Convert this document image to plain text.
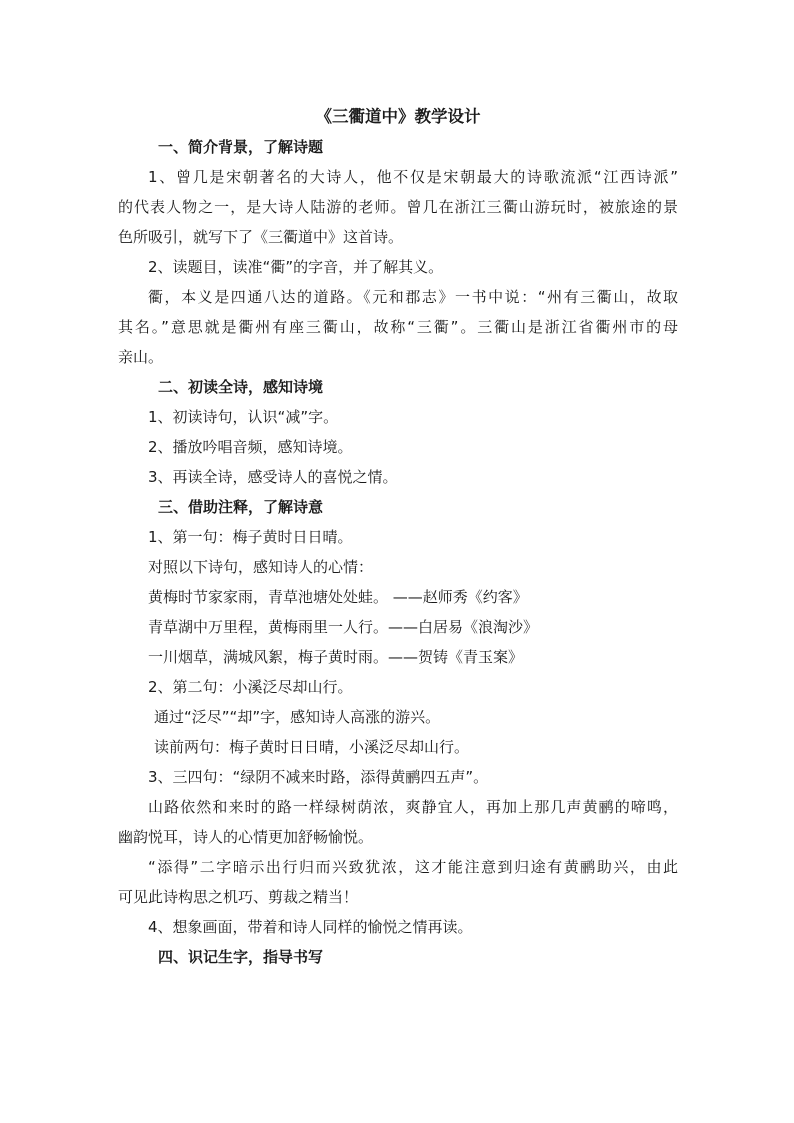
《三衢道中》教学设计

一、简介背景，了解诗题

1、曾几是宋朝著名的大诗人，他不仅是宋朝最大的诗歌流派“江西诗派”

的代表人物之一，是大诗人陆游的老师。曾几在浙江三衢山游玩时，被旅途的景

色所吸引，就写下了《三衢道中》这首诗。

2、读题目，读准“衢”的字音，并了解其义。

衢，本义是四通八达的道路。《元和郡志》一书中说：“州有三衢山，故取

其名。”意思就是衢州有座三衢山，故称“三衢”。三衢山是浙江省衢州市的母

亲山。

二、初读全诗，感知诗境

1、初读诗句，认识“减”字。

2、播放吟唱音频，感知诗境。

3、再读全诗，感受诗人的喜悦之情。

三、借助注释，了解诗意

1、第一句：梅子黄时日日晴。

对照以下诗句，感知诗人的心情：

黄梅时节家家雨，青草池塘处处蛙。 ——赵师秀《约客》

青草湖中万里程，黄梅雨里一人行。——白居易《浪淘沙》

一川烟草，满城风絮，梅子黄时雨。——贺铸《青玉案》

2、第二句：小溪泛尽却山行。

通过“泛尽”“却”字，感知诗人高涨的游兴。

读前两句：梅子黄时日日晴，小溪泛尽却山行。

3、三四句：“绿阴不减来时路，添得黄鹂四五声”。

山路依然和来时的路一样绿树荫浓，爽静宜人，再加上那几声黄鹂的啼鸣，

幽韵悦耳，诗人的心情更加舒畅愉悦。

“添得”二字暗示出行归而兴致犹浓，这才能注意到归途有黄鹂助兴，由此

可见此诗构思之机巧、剪裁之精当！

4、想象画面，带着和诗人同样的愉悦之情再读。

四、识记生字，指导书写
